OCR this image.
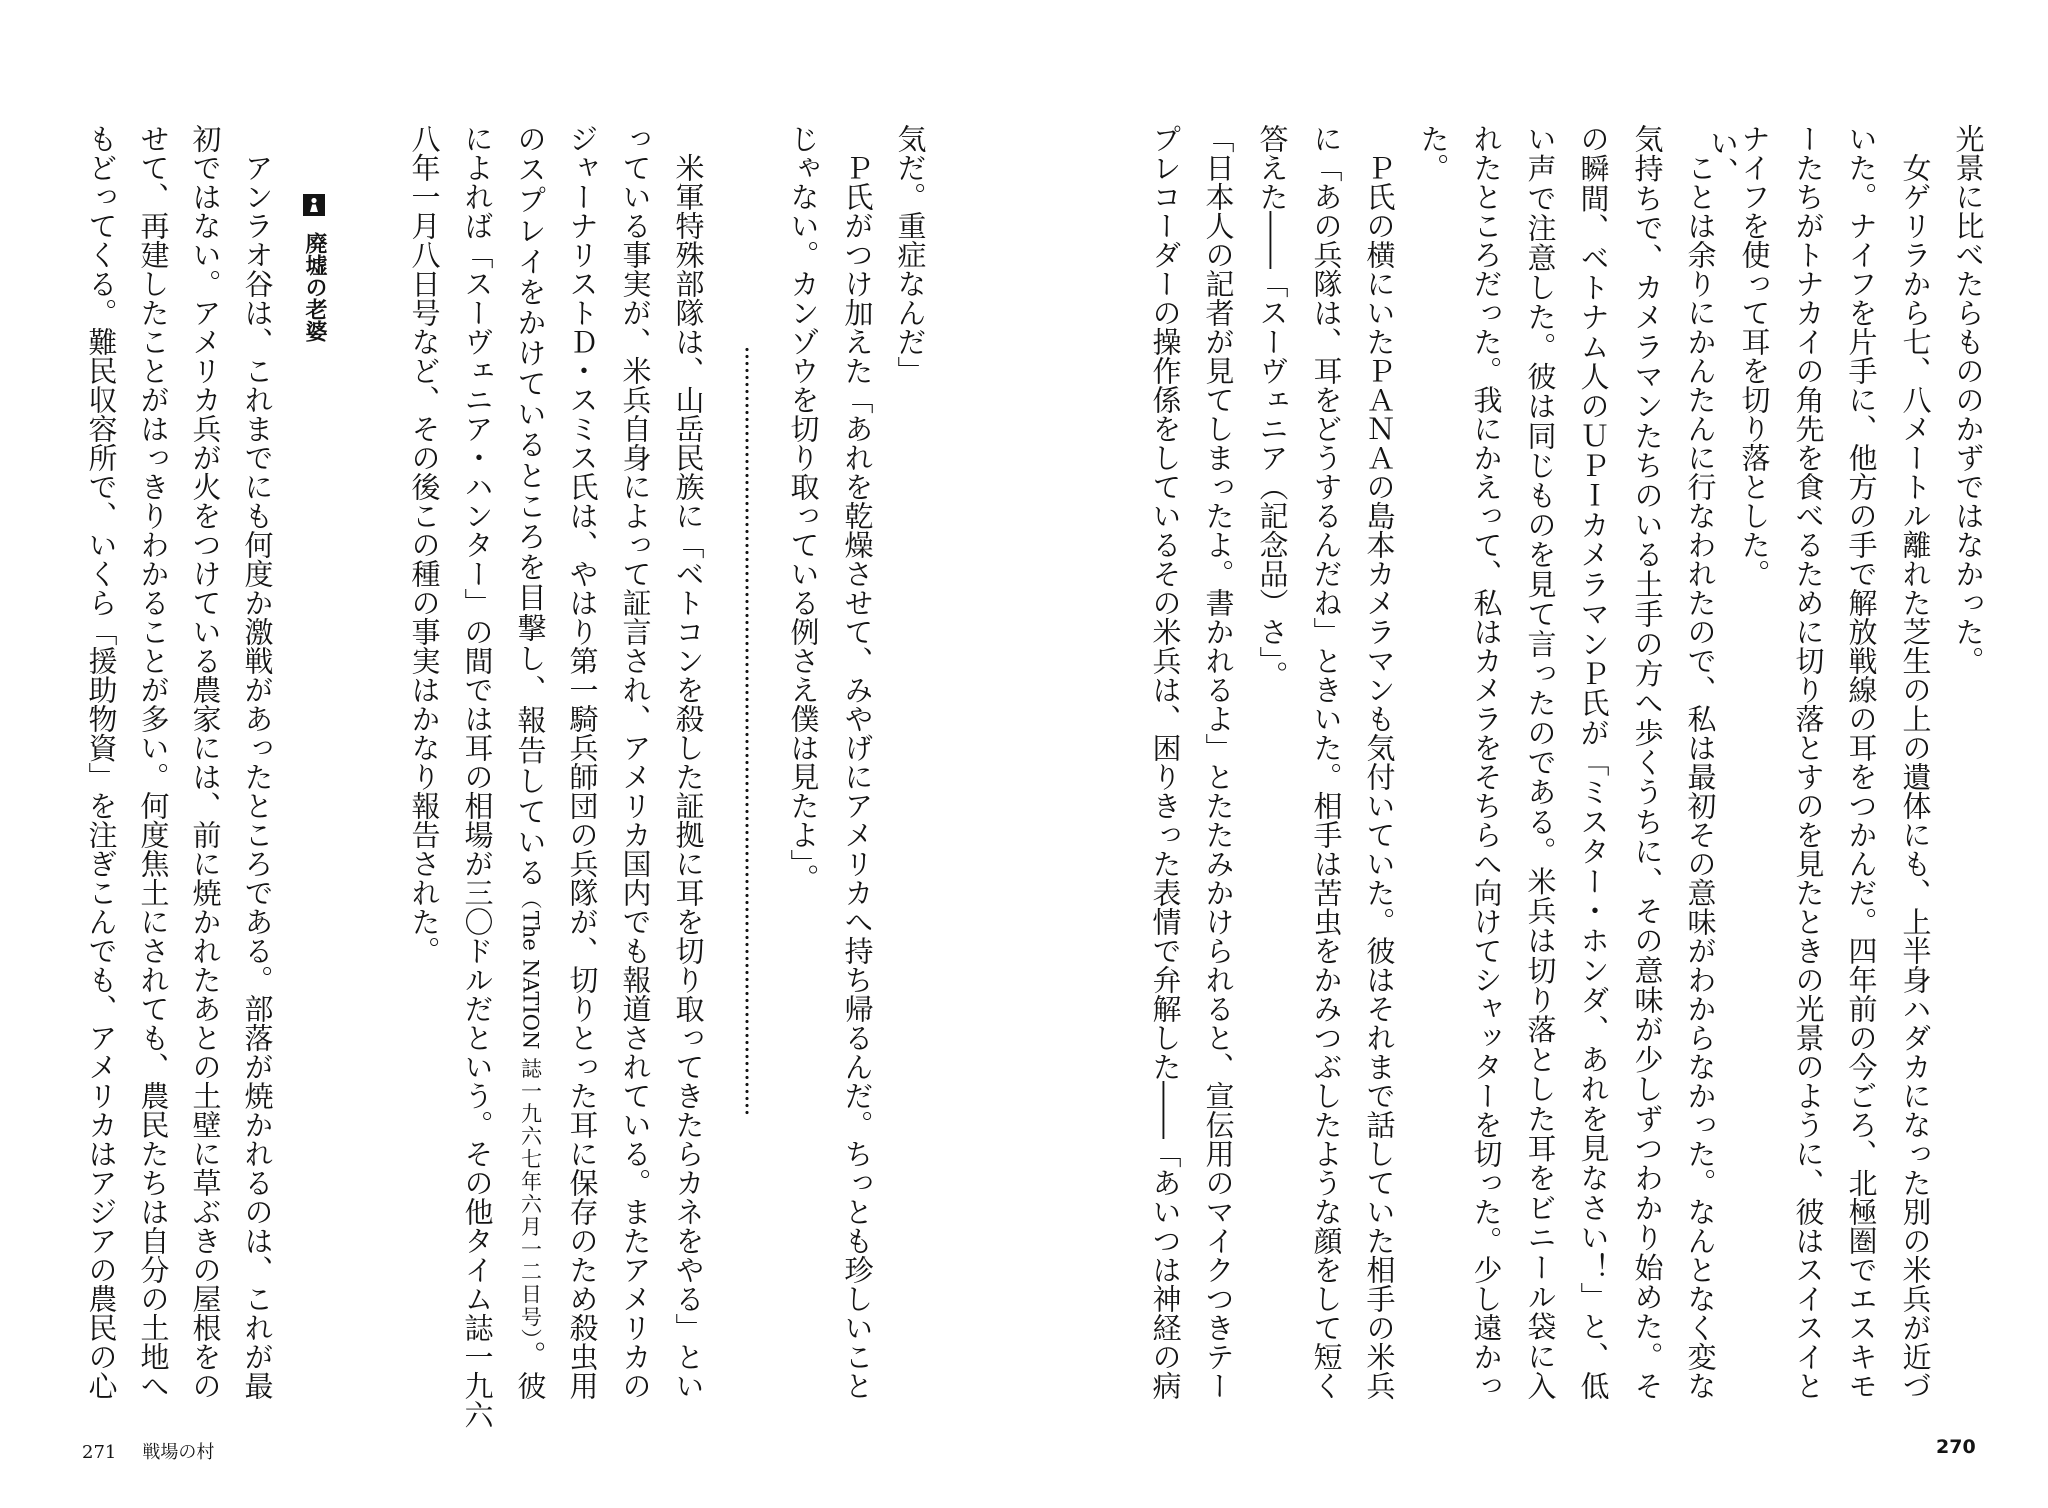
光景に比べたらもののかずではなかった。

女ゲリラから七、八メートル離れた芝生の上の遺体にも、上半身ハダカになった別の米兵が近づ

いた。ナイフを片手に、他方の手で解放戦線の耳をつかんだ。四年前の今ごろ、北極圏でエスキモ

ーたちがトナカイの角先を食べるために切り落とすのを見たときの光景のように、彼はスイスイと

ナイフを使って耳を切り落とした。

ことは余りにかんたんに行なわれたので、私は最初その意味がわからなかった。なんとなく変な

気持ちで、カメラマンたちのいる土手の方へ歩くうちに、その意味が少しずつわかり始めた。そ

の瞬間、ベトナム人のＵＰＩカメラマンＰ氏が「ミスター・ホンダ、あれを見なさい！」と、低

い声で注意した。彼は同じものを見て言ったのである。米兵は切り落とした耳をビニール袋に入

れたところだった。我にかえって、私はカメラをそちらへ向けてシャッターを切った。少し遠かっ

た。

Ｐ氏の横にいたＰＡＮＡの島本カメラマンも気付いていた。彼はそれまで話していた相手の米兵

に「あの兵隊は、耳をどうするんだね」ときいた。相手は苦虫をかみつぶしたような顔をして短く

答えた――「スーヴェニア（記念品）さ」。

「日本人の記者が見てしまったよ。書かれるよ」とたたみかけられると、宣伝用のマイクつきテー

プレコーダーの操作係をしているその米兵は、困りきった表情で弁解した――「あいつは神経の病	い、

気だ。重症なんだ」

Ｐ氏がつけ加えた「あれを乾燥させて、みやげにアメリカへ持ち帰るんだ。ちっとも珍しいこと

じゃない。カンゾウを切り取っている例さえ僕は見たよ」。

米軍特殊部隊は、山岳民族に「ベトコンを殺した証拠に耳を切り取ってきたらカネをやる」とい

っている事実が、米兵自身によって証言され、アメリカ国内でも報道されている。またアメリカの

ジャーナリストＤ・スミス氏は、やはり第一騎兵師団の兵隊が、切りとった耳に保存のため殺虫用

のスプレイをかけているところを目撃し、報告している（The NATION 誌一九六七年六月一二日号）。彼

によれば「スーヴェニア・ハンター」の間では耳の相場が三〇ドルだという。その他タイム誌一九六

八年一月八日号など、その後この種の事実はかなり報告された。

廃墟の老婆

アンラオ谷は、これまでにも何度か激戦があったところである。部落が焼かれるのは、これが最

初ではない。アメリカ兵が火をつけている農家には、前に焼かれたあとの土壁に草ぶきの屋根をの

せて、再建したことがはっきりわかることが多い。何度焦土にされても、農民たちは自分の土地へ

もどってくる。難民収容所で、いくら「援助物資」を注ぎこんでも、アメリカはアジアの農民の心

271 戦場の村	270
